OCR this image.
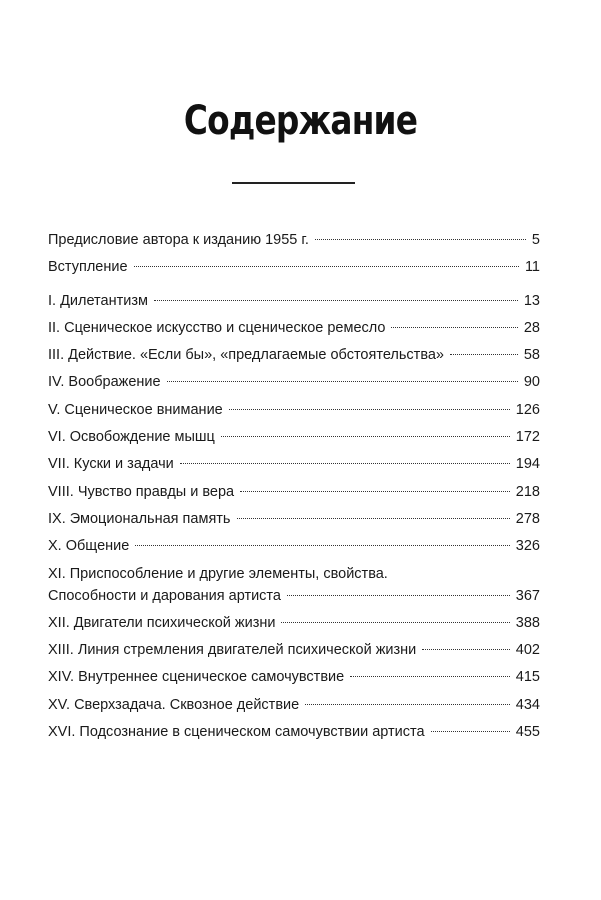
Содержание
Предисловие автора к изданию 1955 г.	5
Вступление	11
I. Дилетантизм	13
II. Сценическое искусство и сценическое ремесло	28
III. Действие. «Если бы», «предлагаемые обстоятельства»	58
IV. Воображение	90
V. Сценическое внимание	126
VI. Освобождение мышц	172
VII. Куски и задачи	194
VIII. Чувство правды и вера	218
IX. Эмоциональная память	278
X. Общение	326
XI. Приспособление и другие элементы, свойства.
Способности и дарования артиста	367
XII. Двигатели психической жизни	388
XIII. Линия стремления двигателей психической жизни	402
XIV. Внутреннее сценическое самочувствие	415
XV. Сверхзадача. Сквозное действие	434
XVI. Подсознание в сценическом самочувствии артиста	455
